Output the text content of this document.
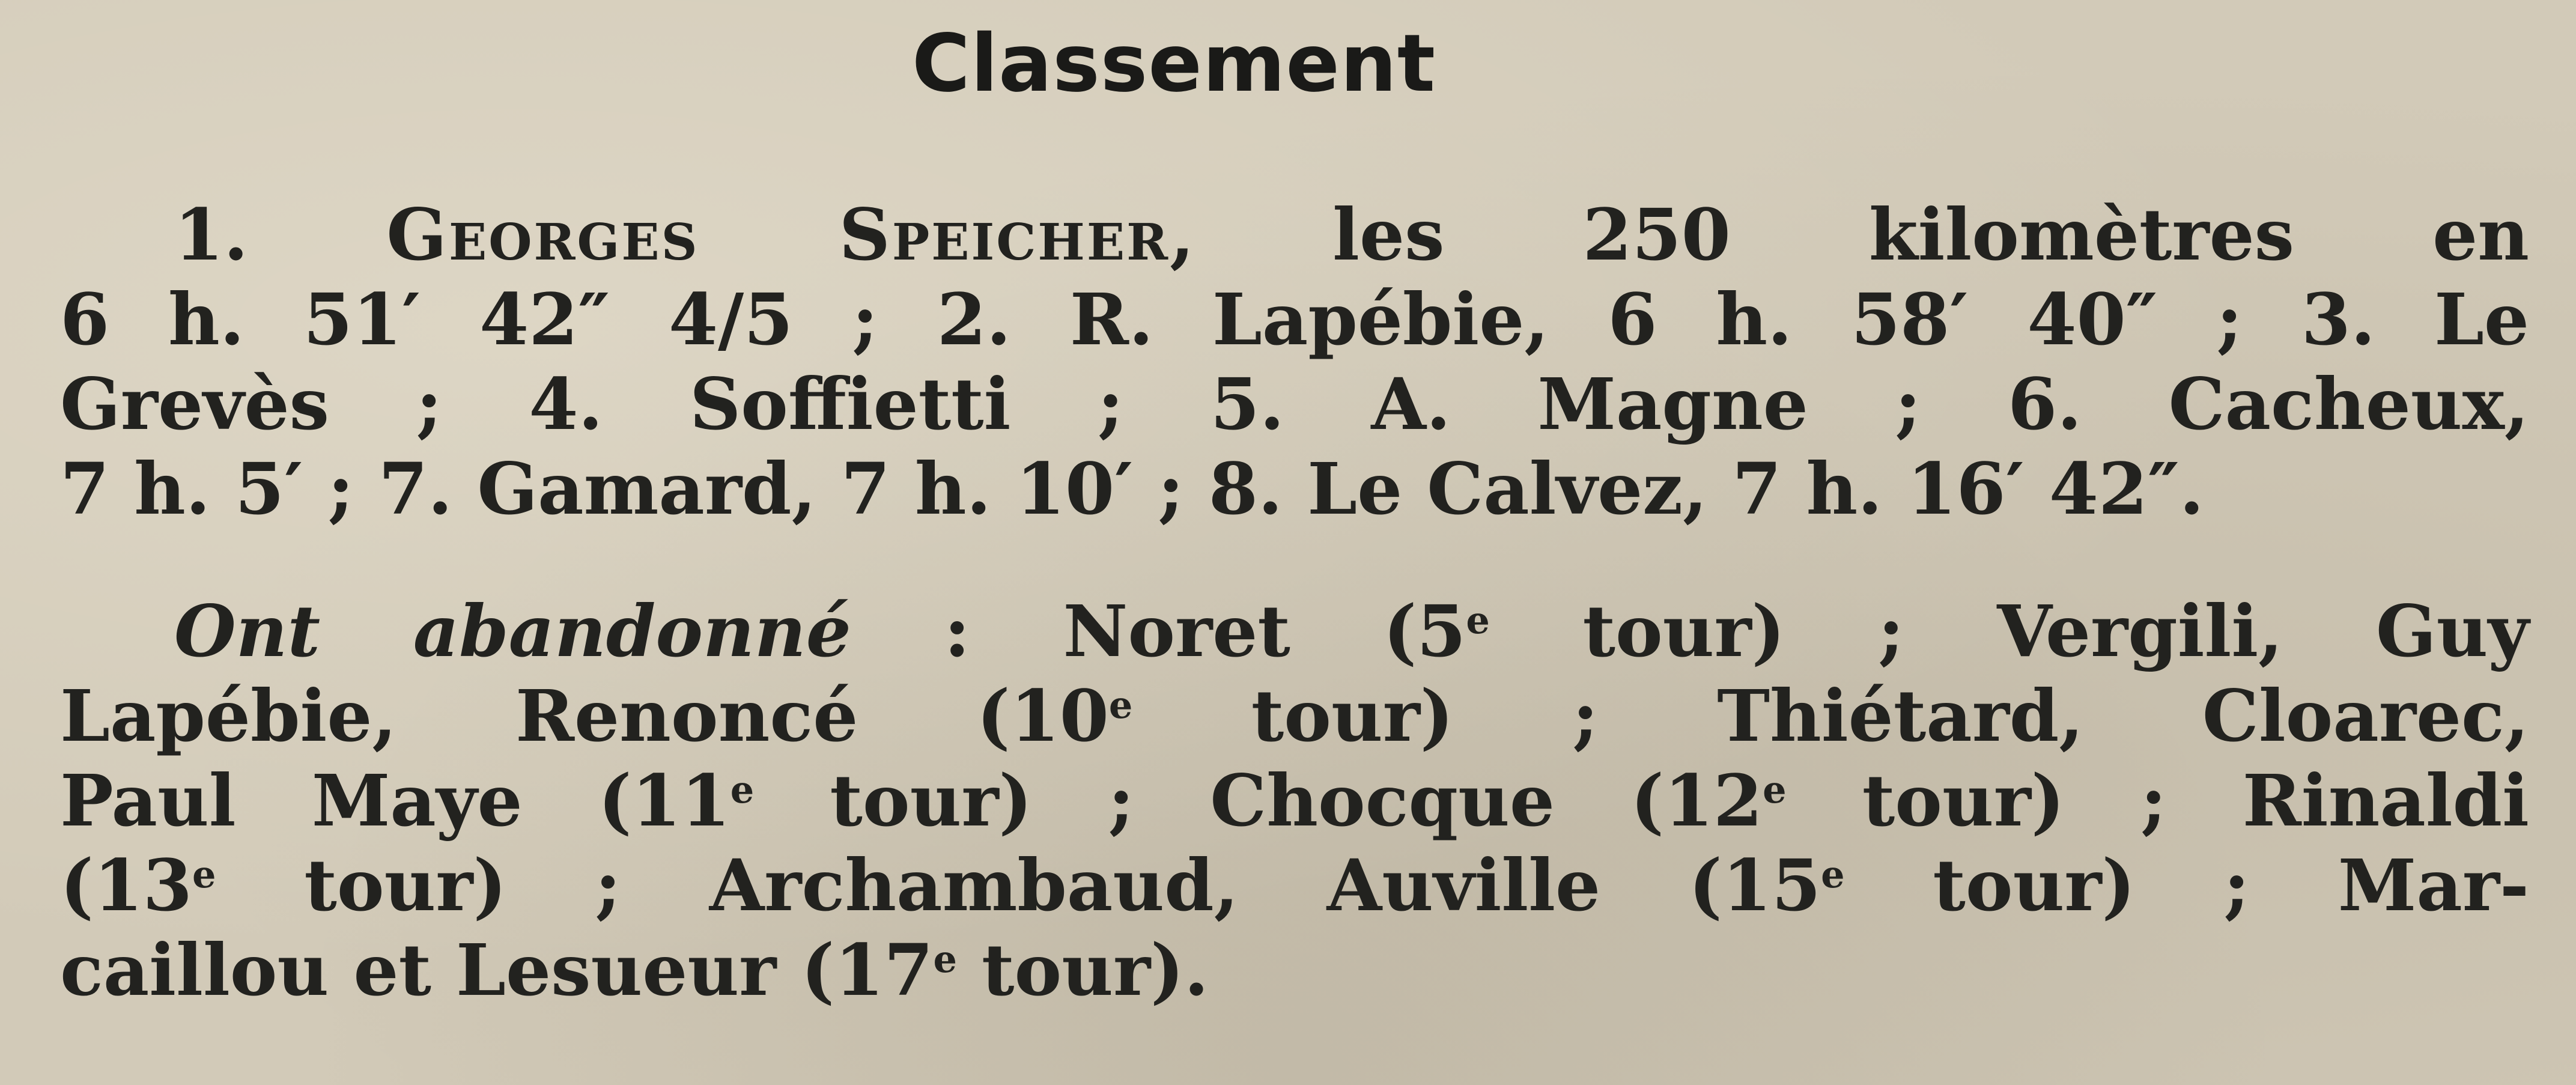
Classement
1. Georges Speicher, les 250 kilomètres en
6 h. 51′ 42″ 4/5 ; 2. R. Lapébie, 6 h. 58′ 40″ ; 3. Le
Grevès ; 4. Soffietti ; 5. A. Magne ; 6. Cacheux,
7 h. 5′ ; 7. Gamard, 7 h. 10′ ; 8. Le Calvez, 7 h. 16′ 42″.
Ont abandonné : Noret (5e tour) ; Vergili, Guy
Lapébie, Renoncé (10e tour) ; Thiétard, Cloarec,
Paul Maye (11e tour) ; Chocque (12e tour) ; Rinaldi
(13e tour) ; Archambaud, Auville (15e tour) ; Mar-
caillou et Lesueur (17e tour).
